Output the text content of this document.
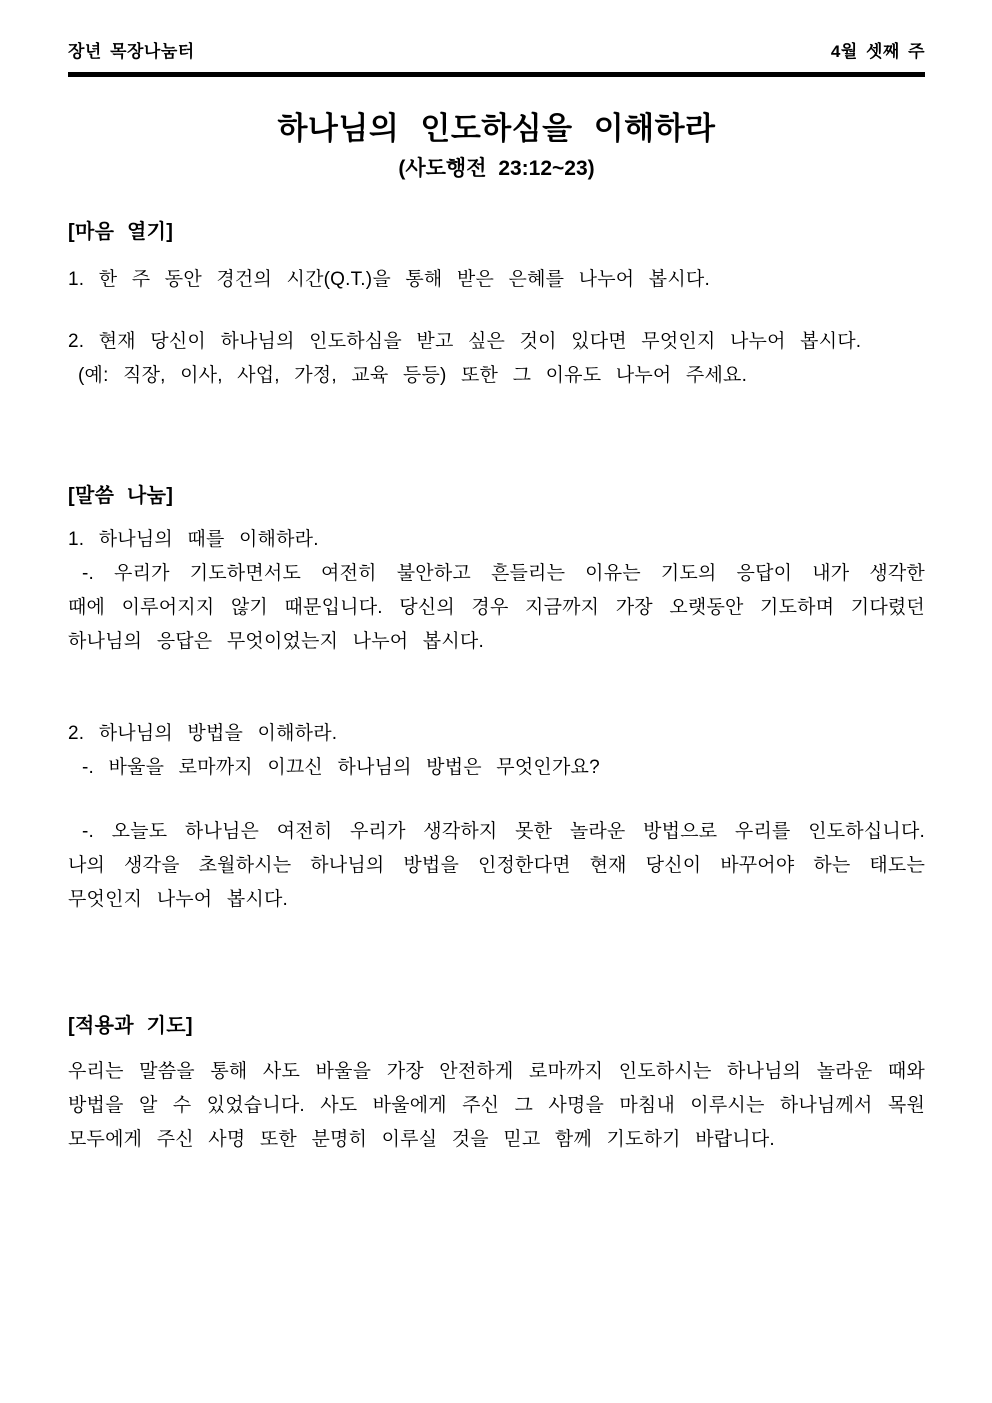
장년 목장나눔터	4월 셋째 주
하나님의 인도하심을 이해하라
(사도행전 23:12~23)
[마음 열기]
1. 한 주 동안 경건의 시간(Q.T.)을 통해 받은 은혜를 나누어 봅시다.
2. 현재 당신이 하나님의 인도하심을 받고 싶은 것이 있다면 무엇인지 나누어 봅시다.
(예: 직장, 이사, 사업, 가정, 교육 등등) 또한 그 이유도 나누어 주세요.
[말씀 나눔]
1. 하나님의 때를 이해하라.
-. 우리가 기도하면서도 여전히 불안하고 흔들리는 이유는 기도의 응답이 내가 생각한
때에 이루어지지 않기 때문입니다. 당신의 경우 지금까지 가장 오랫동안 기도하며 기다렸던
하나님의 응답은 무엇이었는지 나누어 봅시다.
2. 하나님의 방법을 이해하라.
-. 바울을 로마까지 이끄신 하나님의 방법은 무엇인가요?
-. 오늘도 하나님은 여전히 우리가 생각하지 못한 놀라운 방법으로 우리를 인도하십니다.
나의 생각을 초월하시는 하나님의 방법을 인정한다면 현재 당신이 바꾸어야 하는 태도는
무엇인지 나누어 봅시다.
[적용과 기도]
우리는 말씀을 통해 사도 바울을 가장 안전하게 로마까지 인도하시는 하나님의 놀라운 때와
방법을 알 수 있었습니다. 사도 바울에게 주신 그 사명을 마침내 이루시는 하나님께서 목원
모두에게 주신 사명 또한 분명히 이루실 것을 믿고 함께 기도하기 바랍니다.
